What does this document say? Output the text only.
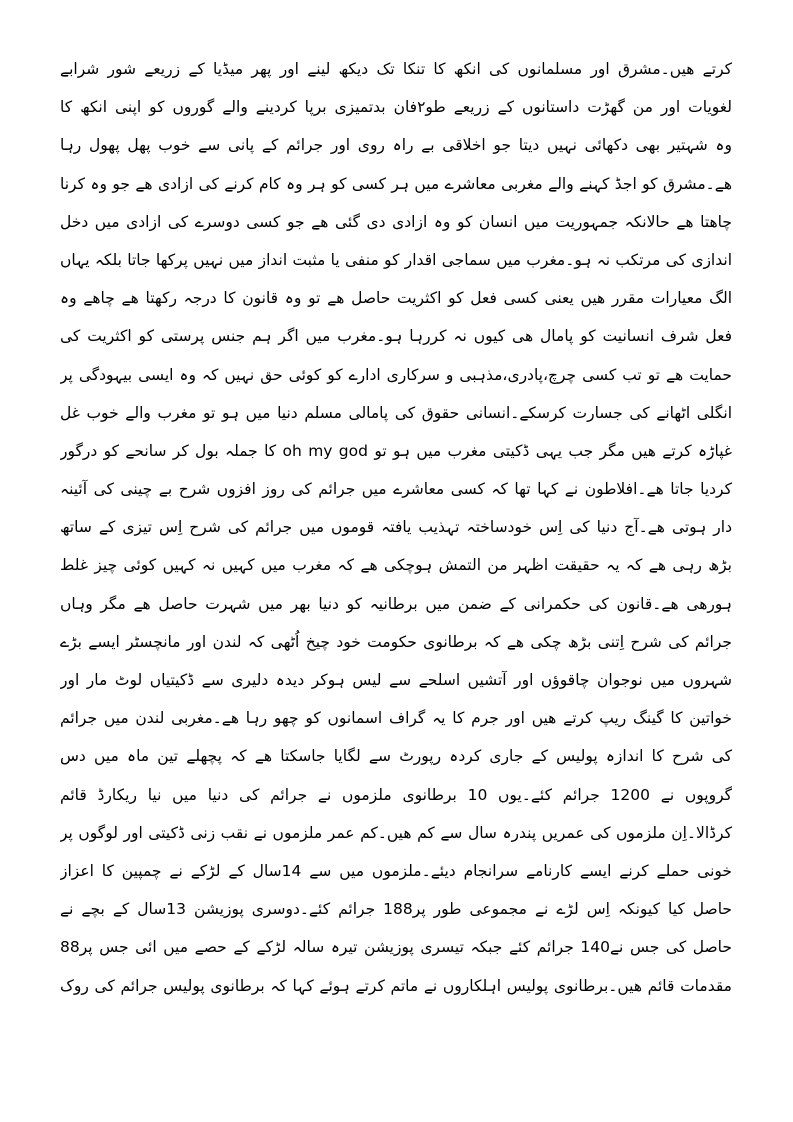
کرتے ھیں۔مشرق اور مسلمانوں کی انکھ کا تنکا تک دیکھ لینے اور پھر میڈیا کے زریعے شور شرابے
لغویات اور من گھڑت داستانوں کے زریعے طو۲فان بدتمیزی برپا کردینے والے گوروں کو اپنی انکھ کا
وہ شہتیر بھی دکھائی نہیں دیتا جو اخلاقی بے راہ روی اور جرائم کے پانی سے خوب پھل پھول رہا
ھے۔مشرق کو اجڈ کہنے والے مغربی معاشرے میں ہر کسی کو ہر وہ کام کرنے کی ازادی ھے جو وہ کرنا
چاھتا ھے حالانکہ جمہوریت میں انسان کو وہ ازادی دی گئی ھے جو کسی دوسرے کی ازادی میں دخل
اندازی کی مرتکب نہ ہو۔مغرب میں سماجی اقدار کو منفی یا مثبت انداز میں نہیں پرکھا جاتا بلکہ یہاں
الگ معیارات مقرر ھیں یعنی کسی فعل کو اکثریت حاصل ھے تو وہ قانون کا درجہ رکھتا ھے چاھے وہ
فعل شرف انسانیت کو پامال ھی کیوں نہ کررہا ہو۔مغرب میں اگر ہم جنس پرستی کو اکثریت کی
حمایت ھے تو تب کسی چرچ،پادری،مذہبی و سرکاری ادارے کو کوئی حق نہیں کہ وہ ایسی بیہودگی پر
انگلی اٹھانے کی جسارت کرسکے۔انسانی حقوق کی پامالی مسلم دنیا میں ہو تو مغرب والے خوب غل
غپاڑہ کرتے ھیں مگر جب یہی ڈکیتی مغرب میں ہو تو oh my god کا جملہ بول کر سانحے کو درگور
کردیا جاتا ھے۔افلاطون نے کہا تھا کہ کسی معاشرے میں جرائم کی روز افزوں شرح بے چینی کی آئینہ
دار ہوتی ھے۔آج دنیا کی اِس خودساختہ تہذیب یافتہ قوموں میں جرائم کی شرح اِس تیزی کے ساتھ
بڑھ رہی ھے کہ یہ حقیقت اظہر من التمش ہوچکی ھے کہ مغرب میں کہیں نہ کہیں کوئی چیز غلط
ہورھی ھے۔قانون کی حکمرانی کے ضمن میں برطانیہ کو دنیا بھر میں شہرت حاصل ھے مگر وہاں
جرائم کی شرح اِتنی بڑھ چکی ھے کہ برطانوی حکومت خود چیخ اُٹھی کہ لندن اور مانچسٹر ایسے بڑے
شہروں میں نوجوان چاقوؤں اور آتشیں اسلحے سے لیس ہوکر دیدہ دلیری سے ڈکیتیاں لوٹ مار اور
خواتین کا گینگ ریپ کرتے ھیں اور جرم کا یہ گراف اسمانوں کو چھو رہا ھے۔مغربی لندن میں جرائم
کی شرح کا اندازہ پولیس کے جاری کردہ رپورٹ سے لگایا جاسکتا ھے کہ پچھلے تین ماہ میں دس
گروپوں نے 1200 جرائم کئے۔یوں 10 برطانوی ملزموں نے جرائم کی دنیا میں نیا ریکارڈ قائم
کرڈالا۔اِن ملزموں کی عمریں پندرہ سال سے کم ھیں۔کم عمر ملزموں نے نقب زنی ڈکیتی اور لوگوں پر
خونی حملے کرنے ایسے کارنامے سرانجام دیئے۔ملزموں میں سے 14سال کے لڑکے نے چمپین کا اعزاز
حاصل کیا کیونکہ اِس لڑے نے مجموعی طور پر188 جرائم کئے۔دوسری پوزیشن 13سال کے بچے نے
حاصل کی جس نے140 جرائم کئے جبکہ تیسری پوزیشن تیرہ سالہ لڑکے کے حصے میں ائی جس پر88
مقدمات قائم ھیں۔برطانوی پولیس اہلکاروں نے ماتم کرتے ہوئے کہا کہ برطانوی پولیس جرائم کی روک
